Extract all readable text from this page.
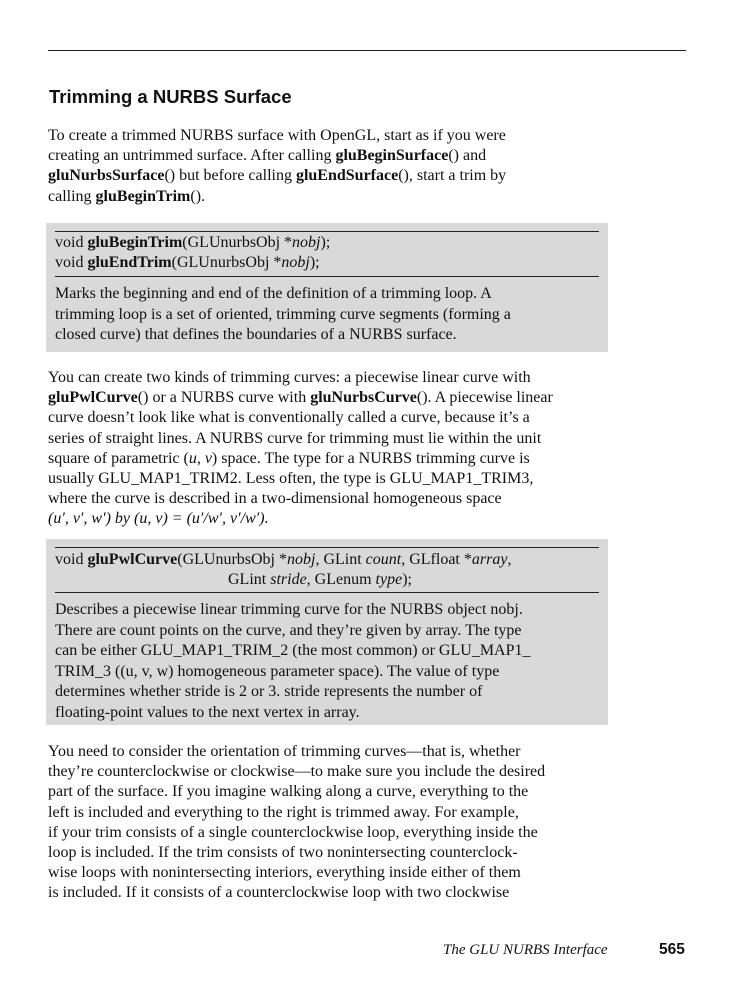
Trimming a NURBS Surface
To create a trimmed NURBS surface with OpenGL, start as if you were
creating an untrimmed surface. After calling gluBeginSurface() and
gluNurbsSurface() but before calling gluEndSurface(), start a trim by
calling gluBeginTrim().
void gluBeginTrim(GLUnurbsObj *nobj);
void gluEndTrim(GLUnurbsObj *nobj);
Marks the beginning and end of the definition of a trimming loop. A
trimming loop is a set of oriented, trimming curve segments (forming a
closed curve) that defines the boundaries of a NURBS surface.
You can create two kinds of trimming curves: a piecewise linear curve with
gluPwlCurve() or a NURBS curve with gluNurbsCurve(). A piecewise linear
curve doesn’t look like what is conventionally called a curve, because it’s a
series of straight lines. A NURBS curve for trimming must lie within the unit
square of parametric (u, v) space. The type for a NURBS trimming curve is
usually GLU_MAP1_TRIM2. Less often, the type is GLU_MAP1_TRIM3,
where the curve is described in a two-dimensional homogeneous space
(u′, v′, w′) by (u, v) = (u′/w′, v′/w′).
void gluPwlCurve(GLUnurbsObj *nobj, GLint count, GLfloat *array,
GLint stride, GLenum type);
Describes a piecewise linear trimming curve for the NURBS object nobj.
There are count points on the curve, and they’re given by array. The type
can be either GLU_MAP1_TRIM_2 (the most common) or GLU_MAP1_
TRIM_3 ((u, v, w) homogeneous parameter space). The value of type
determines whether stride is 2 or 3. stride represents the number of
floating-point values to the next vertex in array.
You need to consider the orientation of trimming curves—that is, whether
they’re counterclockwise or clockwise—to make sure you include the desired
part of the surface. If you imagine walking along a curve, everything to the
left is included and everything to the right is trimmed away. For example,
if your trim consists of a single counterclockwise loop, everything inside the
loop is included. If the trim consists of two nonintersecting counterclock-
wise loops with nonintersecting interiors, everything inside either of them
is included. If it consists of a counterclockwise loop with two clockwise
The GLU NURBS Interface	565
